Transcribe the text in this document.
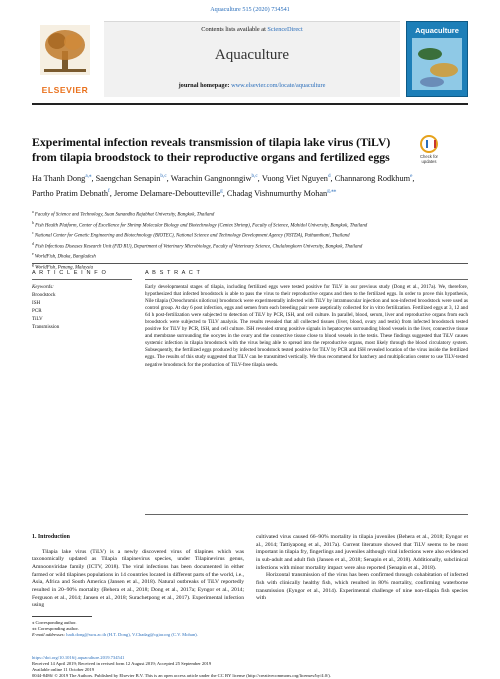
Aquaculture 515 (2020) 734541
ELSEVIER
Contents lists available at ScienceDirect
Aquaculture
journal homepage: www.elsevier.com/locate/aquaculture
Aquaculture
Experimental infection reveals transmission of tilapia lake virus (TiLV) from tilapia broodstock to their reproductive organs and fertilized eggs	Check for updates
Ha Thanh Dong$^{a,⁎}$, Saengchan Senapin$^{b,c}$, Warachin Gangnonngiw$^{b,c}$, Vuong Viet Nguyen$^d$, Channarong Rodkhum$^e$, Partho Pratim Debnath$^f$, Jerome Delamare-Deboutteville$^g$, Chadag Vishnumurthy Mohan$^{g,⁎⁎}$
$^a$ Faculty of Science and Technology, Suan Sunandha Rajabhat University, Bangkok, Thailand
$^b$ Fish Health Platform, Center of Excellence for Shrimp Molecular Biology and Biotechnology (Centex Shrimp), Faculty of Science, Mahidol University, Bangkok, Thailand
$^c$ National Center for Genetic Engineering and Biotechnology (BIOTEC), National Science and Technology Development Agency (NSTDA), Pathumthani, Thailand
$^d$ Fish Infectious Diseases Research Unit (FID RU), Department of Veterinary Microbiology, Faculty of Veterinary Science, Chulalongkorn University, Bangkok, Thailand
$^e$ WorldFish, Dhaka, Bangladesh
$^g$ WorldFish, Penang, Malaysia
A R T I C L E I N F O	A B S T R A C T
Keywords:
Broodstock
ISH
PCR
TiLV
Transmission

Early developmental stages of tilapia, including fertilized eggs were tested positive for TiLV in our previous study (Dong et al., 2017a). We, therefore, hypothesized that infected broodstock is able to pass the virus to their reproductive organs and then to the fertilized eggs. In order to prove this hypothesis, Nile tilapia (Oreochromis niloticus) broodstock were experimentally infected with TiLV by intramuscular injection and non-infected broodstock were used as control group. At day 6 post infection, eggs and semen from each breeding pair were aseptically collected for in vitro fertilization. Fertilized eggs at 3, 12 and 64 h post-fertilization were subjected to detection of TiLV by PCR, ISH, and cell culture. In parallel, blood, serum, liver and reproductive organs from each broodstock were subjected to TiLV analysis. The results revealed that all collected tissues (liver, blood, ovary and testis) from infected broodstock tested positive for TiLV by PCR, ISH, and cell culture. ISH revealed strong positive signals in hepatocytes surrounding blood vessels in the liver, connective tissue and membrane surrounding the oocytes in the ovary and the connective tissue close to blood vessels in the testis. These findings suggested that TiLV causes systemic infection in tilapia broodstock with the virus being able to spread into the reproductive organs, most likely through the blood circulatory system. Subsequently, the fertilized eggs produced by infected broodstock tested positive for TiLV by PCR and ISH revealed location of the virus inside the fertilized eggs. The results of this study suggested that TiLV can be transmitted vertically. We thus recommend for hatchery and multiplication center to use TiLV-tested negative broodstock for the production of TiLV-free tilapia seeds.

1. Introduction

Tilapia lake virus (TiLV) is a newly discovered virus of tilapines which was taxonomically updated as Tilapia tilapinevirus species, under Tilapinevirus genus, Amnoonviridae family (ICTV, 2018). The viral infections has been documented in either farmed or wild tilapines populations in 14 countries located in different parts of the world, i.e., Asia, Africa and South America (Jansen et al., 2018). Natural outbreaks of TiLV reportedly resulted in 20–90% mortality (Behera et al., 2018; Dong et al., 2017a; Eyngor et al., 2014; Ferguson et al., 2014; Jansen et al., 2018; Surachetpong et al., 2017). Experimental infection using

cultivated virus caused 66–90% mortality in tilapia juveniles (Behera et al., 2018; Eyngor et al., 2014; Tattiyapong et al., 2017a). Current literature showed that TiLV seems to be most important in tilapia fry, fingerlings and juveniles although viral infections were also evidenced in sub-adult and adult fish (Jansen et al., 2018; Senapin et al., 2018). Additionally, subclinical infections with minor mortality impact were also reported (Senapin et al., 2018).

Horizontal transmission of the virus has been confirmed through cohabitation of infected fish with clinically healthy fish, which resulted in 80% mortality, confirming waterborne transmission (Eyngor et al., 2014). Experimental challenge of nine non-tilapia fish species with

⁎ Corresponding author.
⁎⁎ Corresponding author.
E-mail addresses: hadt.dong@ssru.ac.th (H.T. Dong), V.Chadag@cgiar.org (C.V. Mohan).
https://doi.org/10.1016/j.aquaculture.2019.734541
Received 14 April 2019; Received in revised form 12 August 2019; Accepted 25 September 2019
Available online 11 October 2019
0044-8486/ © 2019 The Authors. Published by Elsevier B.V. This is an open access article under the CC BY license (http://creativecommons.org/licenses/by/4.0/).
